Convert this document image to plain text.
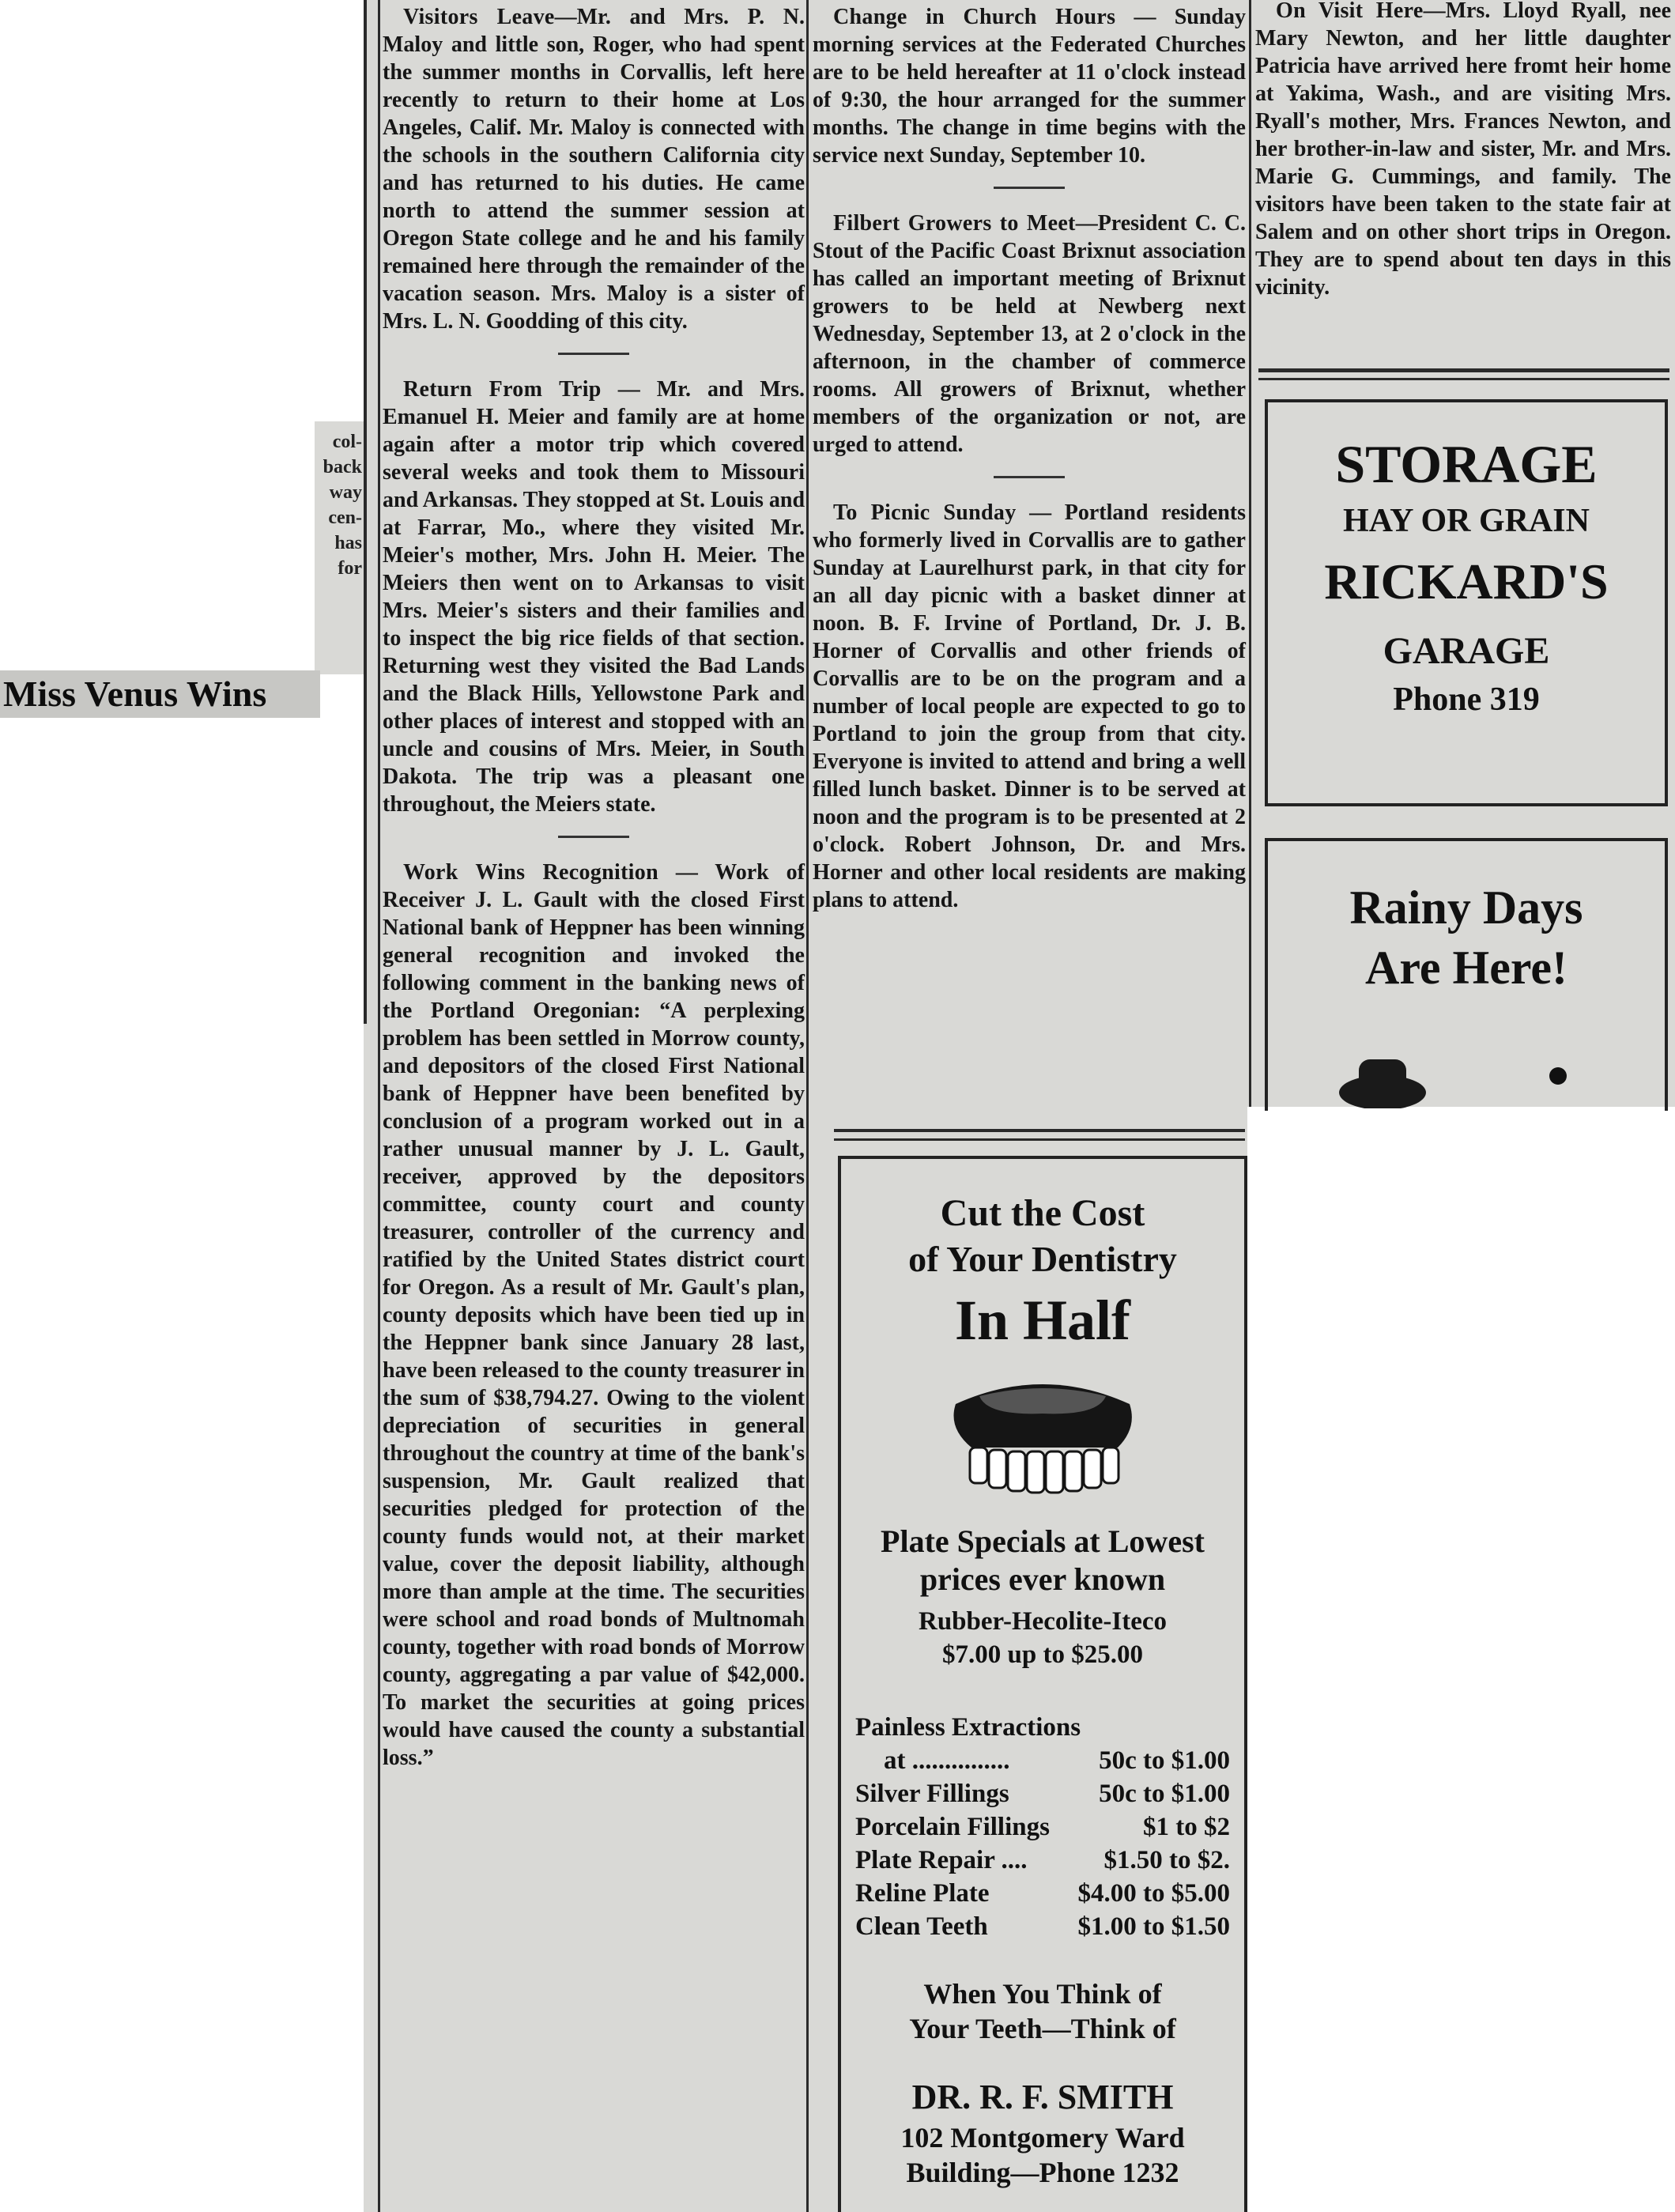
col-
back
way
cen-
has
for
Miss Venus Wins

Visitors Leave—Mr. and Mrs. P. N. Maloy and little son, Roger, who had spent the summer months in Corvallis, left here recently to return to their home at Los Angeles, Calif. Mr. Maloy is connected with the schools in the southern California city and has returned to his duties. He came north to attend the summer session at Oregon State college and he and his family remained here through the remainder of the vacation season. Mrs. Maloy is a sister of Mrs. L. N. Goodding of this city.

Return From Trip — Mr. and Mrs. Emanuel H. Meier and family are at home again after a motor trip which covered several weeks and took them to Missouri and Arkansas. They stopped at St. Louis and at Farrar, Mo., where they visited Mr. Meier's mother, Mrs. John H. Meier. The Meiers then went on to Arkansas to visit Mrs. Meier's sisters and their families and to inspect the big rice fields of that section. Returning west they visited the Bad Lands and the Black Hills, Yellowstone Park and other places of interest and stopped with an uncle and cousins of Mrs. Meier, in South Dakota. The trip was a pleasant one throughout, the Meiers state.

Work Wins Recognition — Work of Receiver J. L. Gault with the closed First National bank of Heppner has been winning general recognition and invoked the following comment in the banking news of the Portland Oregonian: “A perplexing problem has been settled in Morrow county, and depositors of the closed First National bank of Heppner have been benefited by conclusion of a program worked out in a rather unusual manner by J. L. Gault, receiver, approved by the depositors committee, county court and county treasurer, controller of the currency and ratified by the United States district court for Oregon. As a result of Mr. Gault's plan, county deposits which have been tied up in the Heppner bank since January 28 last, have been released to the county treasurer in the sum of $38,794.27. Owing to the violent depreciation of securities in general throughout the country at time of the bank's suspension, Mr. Gault realized that securities pledged for protection of the county funds would not, at their market value, cover the deposit liability, although more than ample at the time. The securities were school and road bonds of Multnomah county, together with road bonds of Morrow county, aggregating a par value of $42,000. To market the securities at going prices would have caused the county a substantial loss.”

Change in Church Hours — Sunday morning services at the Federated Churches are to be held hereafter at 11 o'clock instead of 9:30, the hour arranged for the summer months. The change in time begins with the service next Sunday, September 10.

Filbert Growers to Meet—President C. C. Stout of the Pacific Coast Brixnut association has called an important meeting of Brixnut growers to be held at Newberg next Wednesday, September 13, at 2 o'clock in the afternoon, in the chamber of commerce rooms. All growers of Brixnut, whether members of the organization or not, are urged to attend.

To Picnic Sunday — Portland residents who formerly lived in Corvallis are to gather Sunday at Laurelhurst park, in that city for an all day picnic with a basket dinner at noon. B. F. Irvine of Portland, Dr. J. B. Horner of Corvallis and other friends of Corvallis are to be on the program and a number of local people are expected to go to Portland to join the group from that city. Everyone is invited to attend and bring a well filled lunch basket. Dinner is to be served at noon and the program is to be presented at 2 o'clock. Robert Johnson, Dr. and Mrs. Horner and other local residents are making plans to attend.

On Visit Here—Mrs. Lloyd Ryall, nee Mary Newton, and her little daughter Patricia have arrived here fromt heir home at Yakima, Wash., and are visiting Mrs. Ryall's mother, Mrs. Frances Newton, and her brother-in-law and sister, Mr. and Mrs. Marie G. Cummings, and family. The visitors have been taken to the state fair at Salem and on other short trips in Oregon. They are to spend about ten days in this vicinity.

STORAGE
HAY OR GRAIN
RICKARD'S
GARAGE
Phone 319
Rainy Days
Are Here!
Cut the Cost
of Your Dentistry
In Half
Plate Specials at Lowest
prices ever known
Rubber-Hecolite-Iteco
$7.00 up to $25.00
Painless Extractions
at ...............	50c to $1.00
Silver Fillings	50c to $1.00
Porcelain Fillings	$1 to $2
Plate Repair ....	$1.50 to $2.
Reline Plate	$4.00 to $5.00
Clean Teeth	$1.00 to $1.50
When You Think of
Your Teeth—Think of
DR. R. F. SMITH
102 Montgomery Ward
Building—Phone 1232
